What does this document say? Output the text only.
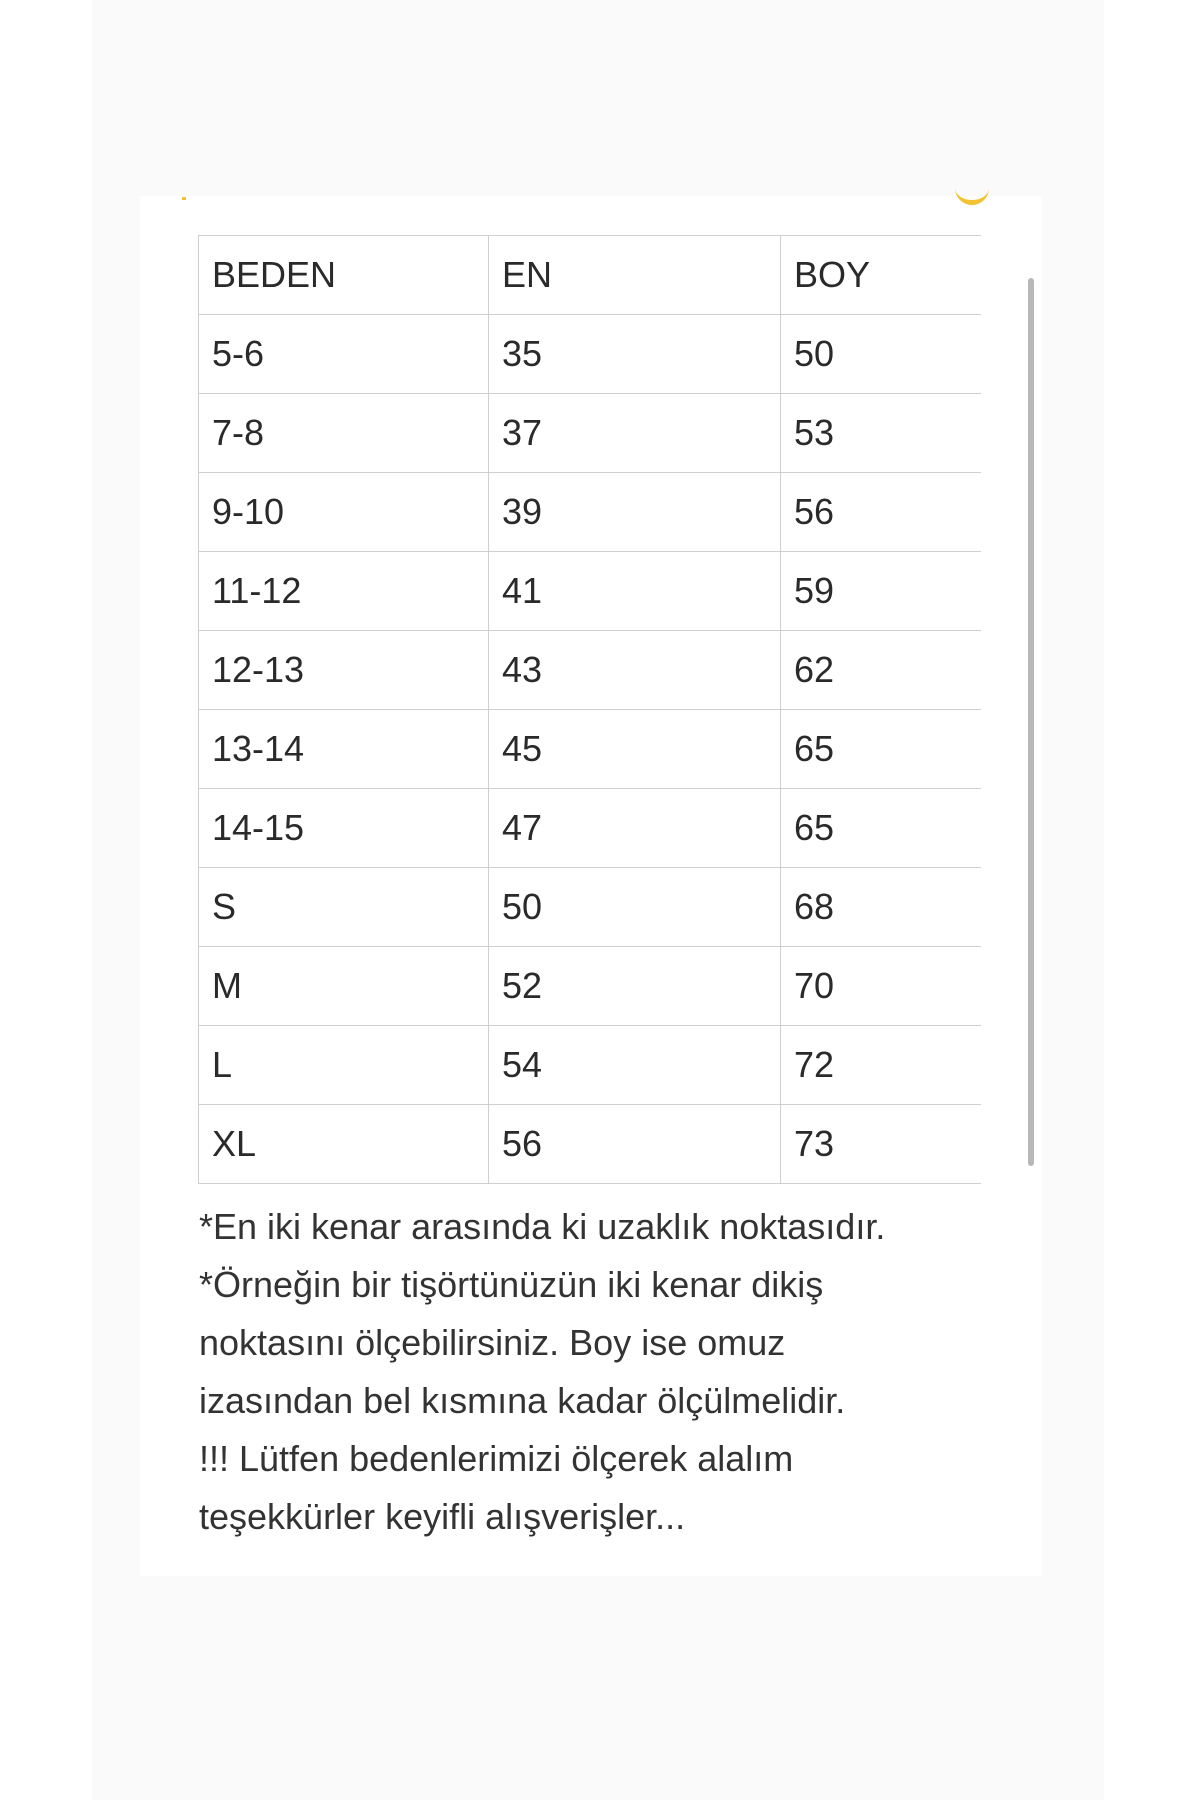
BEDEN	EN	BOY
5-6	35	50
7-8	37	53
9-10	39	56
11-12	41	59
12-13	43	62
13-14	45	65
14-15	47	65
S	50	68
M	52	70
L	54	72
XL	56	73
*En iki kenar arasında ki uzaklık noktasıdır.
*Örneğin bir tişörtünüzün iki kenar dikiş
noktasını ölçebilirsiniz. Boy ise omuz
izasından bel kısmına kadar ölçülmelidir.
!!! Lütfen bedenlerimizi ölçerek alalım
teşekkürler keyifli alışverişler...
